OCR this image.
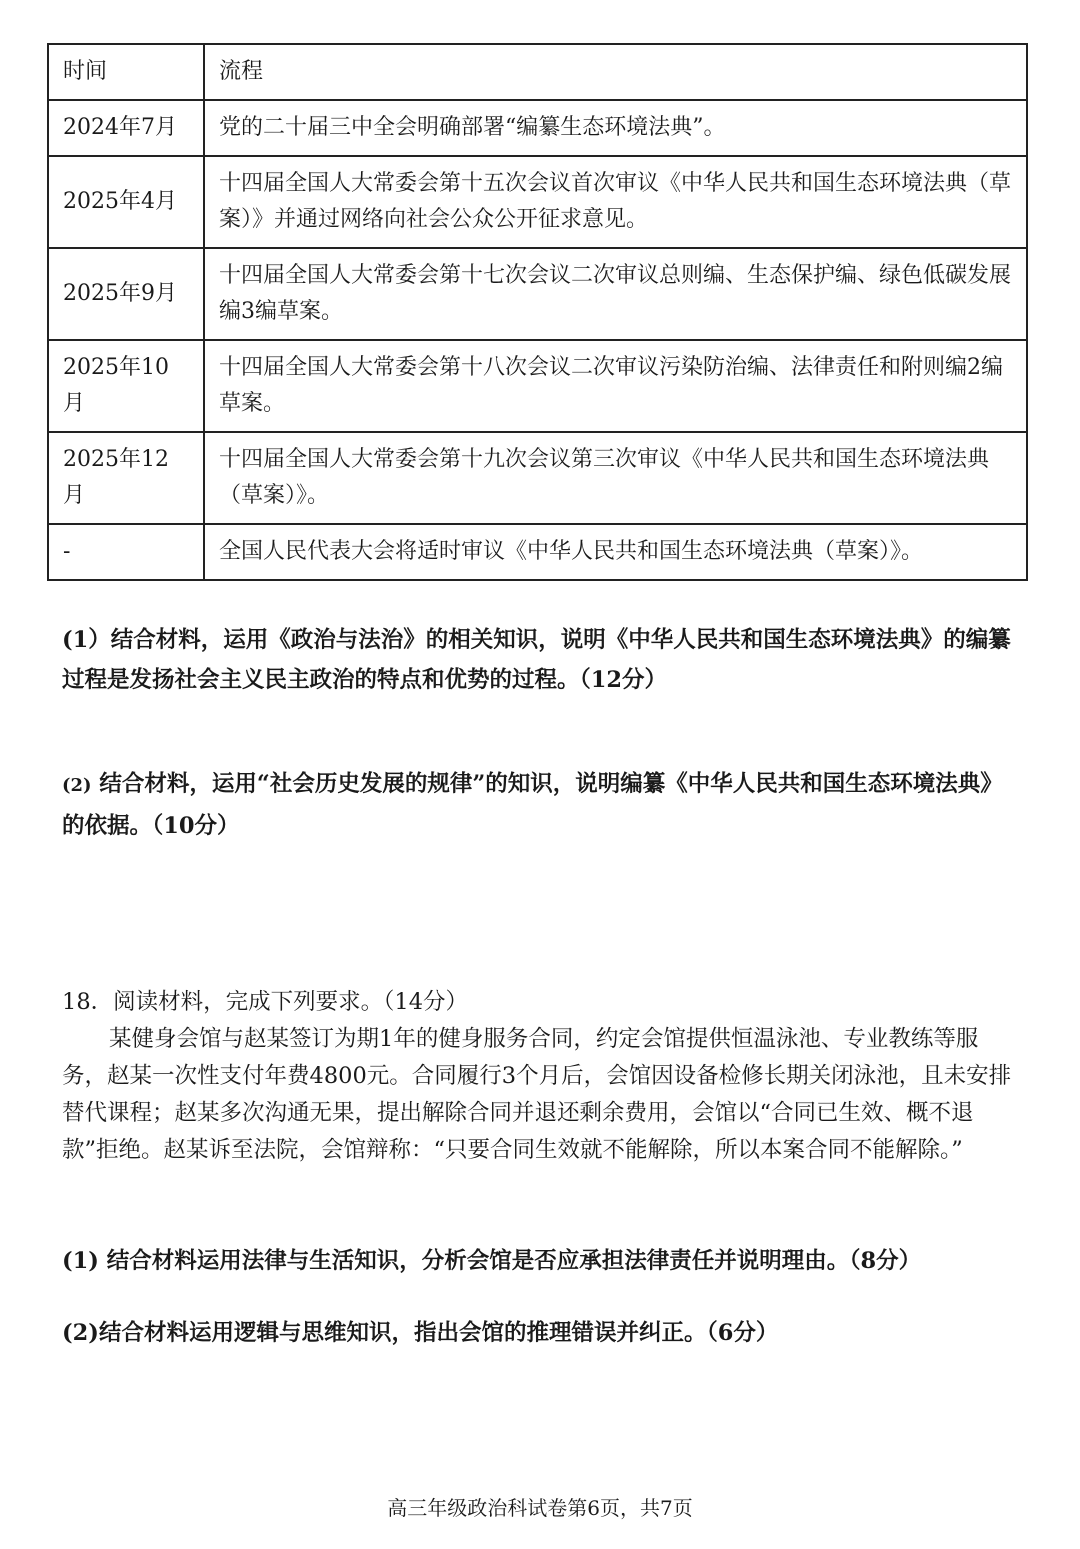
时间	流程
2024年7月	党的二十届三中全会明确部署“编纂生态环境法典”。
2025年4月	十四届全国人大常委会第十五次会议首次审议《中华人民共和国生态环境法典（草案）》并通过网络向社会公众公开征求意见。
2025年9月	十四届全国人大常委会第十七次会议二次审议总则编、生态保护编、绿色低碳发展编3编草案。
2025年10月	十四届全国人大常委会第十八次会议二次审议污染防治编、法律责任和附则编2编草案。
2025年12月	十四届全国人大常委会第十九次会议第三次审议《中华人民共和国生态环境法典（草案）》。
-	全国人民代表大会将适时审议《中华人民共和国生态环境法典（草案）》。
(1）结合材料，运用《政治与法治》的相关知识，说明《中华人民共和国生态环境法典》的编纂过程是发扬社会主义民主政治的特点和优势的过程。（12分）
(2) 结合材料，运用“社会历史发展的规律”的知识，说明编纂《中华人民共和国生态环境法典》的依据。（10分）

18．阅读材料，完成下列要求。（14分）

某健身会馆与赵某签订为期1年的健身服务合同，约定会馆提供恒温泳池、专业教练等服务，赵某一次性支付年费4800元。合同履行3个月后，会馆因设备检修长期关闭泳池，且未安排替代课程；赵某多次沟通无果，提出解除合同并退还剩余费用，会馆以“合同已生效、概不退款”拒绝。赵某诉至法院，会馆辩称：“只要合同生效就不能解除，所以本案合同不能解除。”

(1) 结合材料运用法律与生活知识，分析会馆是否应承担法律责任并说明理由。（8分）
(2)结合材料运用逻辑与思维知识，指出会馆的推理错误并纠正。（6分）
高三年级政治科试卷第6页，共7页
